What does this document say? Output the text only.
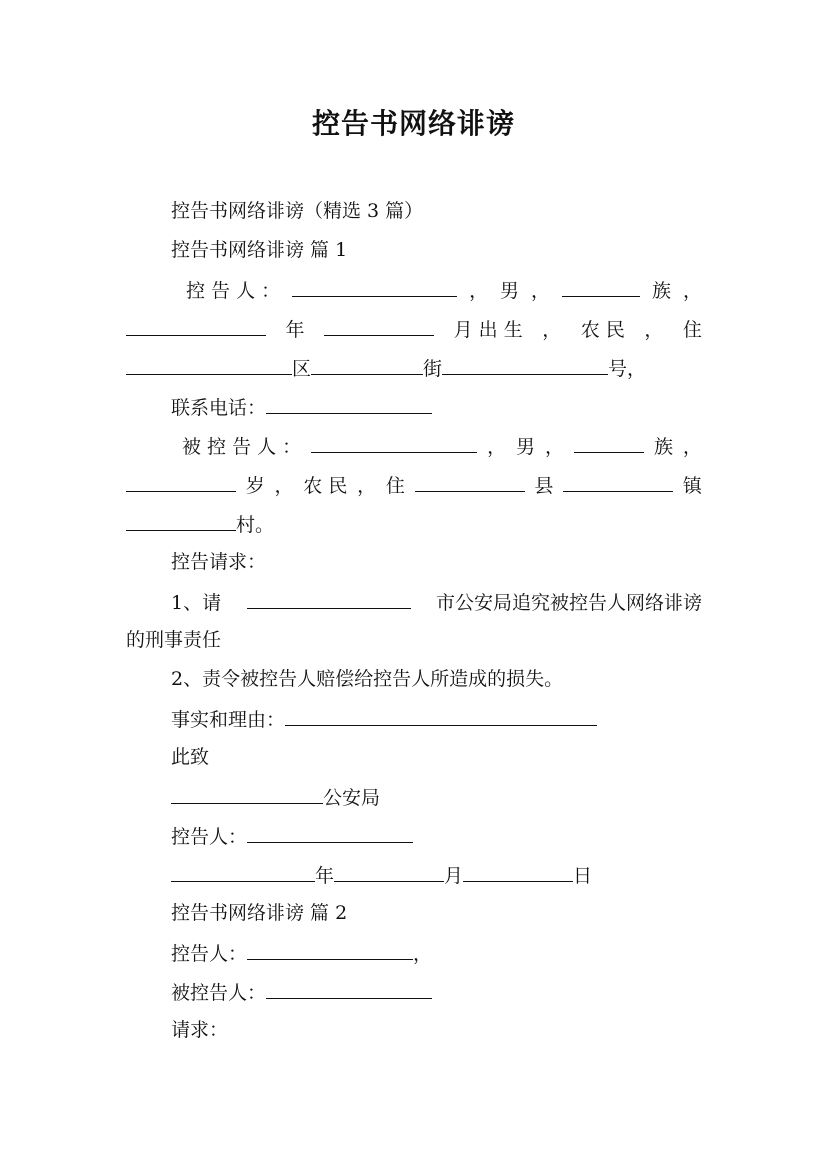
控告书网络诽谤
控告书网络诽谤（精选 3 篇）
控告书网络诽谤 篇 1
控 告 人 ：	， 男 ，	族 ，
年	月 出 生 ， 农 民 ， 住
区	街	号，
联系电话：
被 控 告 人 ：	， 男 ，	族 ，
岁 ， 农 民 ， 住	县	镇
村。
控告请求：
1、请	市公安局追究被控告人网络诽谤
的刑事责任
2、责令被控告人赔偿给控告人所造成的损失。
事实和理由：
此致
公安局
控告人：
年	月	日
控告书网络诽谤 篇 2
控告人：	，
被控告人：
请求：
